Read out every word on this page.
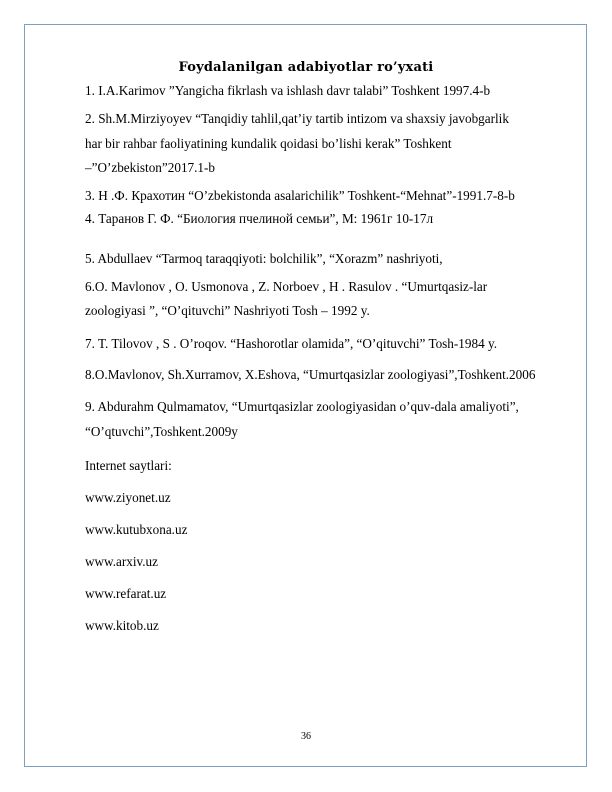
Foydalanilgan adabiyotlar ro’yxati
1. I.A.Karimov ”Yangicha fikrlash va ishlash davr talabi” Toshkent 1997.4-b
2. Sh.M.Mirziyoyev “Tanqidiy tahlil,qat’iy tartib intizom va shaxsiy javobgarlik
har bir rahbar faoliyatining kundalik qoidasi bo’lishi kerak” Toshkent
–”O’zbekiston”2017.1-b
3. Н .Ф. Крахотин “O’zbekistonda asalarichilik” Toshkent-“Mehnat”-1991.7-8-b
4. Таранов Г. Ф. “Биология пчелиной семьи”, М: 1961г 10-17л
5. Abdullaev “Tarmoq taraqqiyoti: bolchilik”, “Xorazm” nashriyoti,
6.O. Mavlonov , O. Usmonova , Z. Norboev , H . Rasulov . “Umurtqasiz-lar
zoologiyasi ”, “O’qituvchi” Nashriyoti Tosh – 1992 y.
7. T. Tilovov , S . O’roqov. “Hashorotlar olamida”, “O’qituvchi” Tosh-1984 y.
8.O.Mavlonov, Sh.Xurramov, X.Eshova, “Umurtqasizlar zoologiyasi”,Toshkent.2006
9. Abdurahm Qulmamatov, “Umurtqasizlar zoologiyasidan o’quv-dala amaliyoti”,
“O’qtuvchi”,Toshkent.2009y
Internet saytlari:
www.ziyonet.uz
www.kutubxona.uz
www.arxiv.uz
www.refarat.uz
www.kitob.uz
36
